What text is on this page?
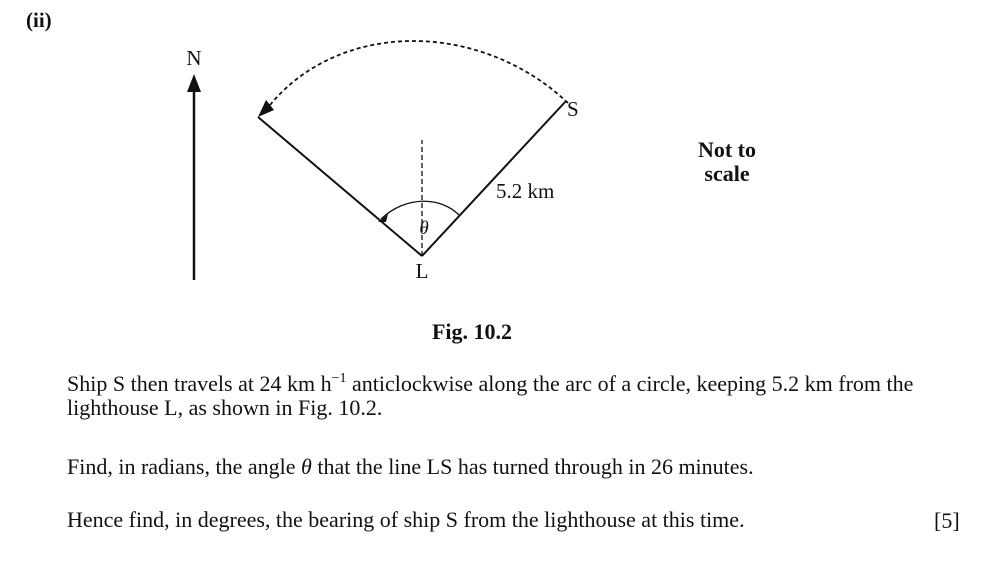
(ii)
N
S
L
5.2 km
θ
Not to
scale
Fig. 10.2
Ship S then travels at 24 km $h^{-1}$ anticlockwise along the arc of a circle, keeping 5.2 km from the lighthouse L, as shown in Fig. 10.2.
Find, in radians, the angle θ that the line LS has turned through in 26 minutes.
Hence find, in degrees, the bearing of ship S from the lighthouse at this time.	[5]
